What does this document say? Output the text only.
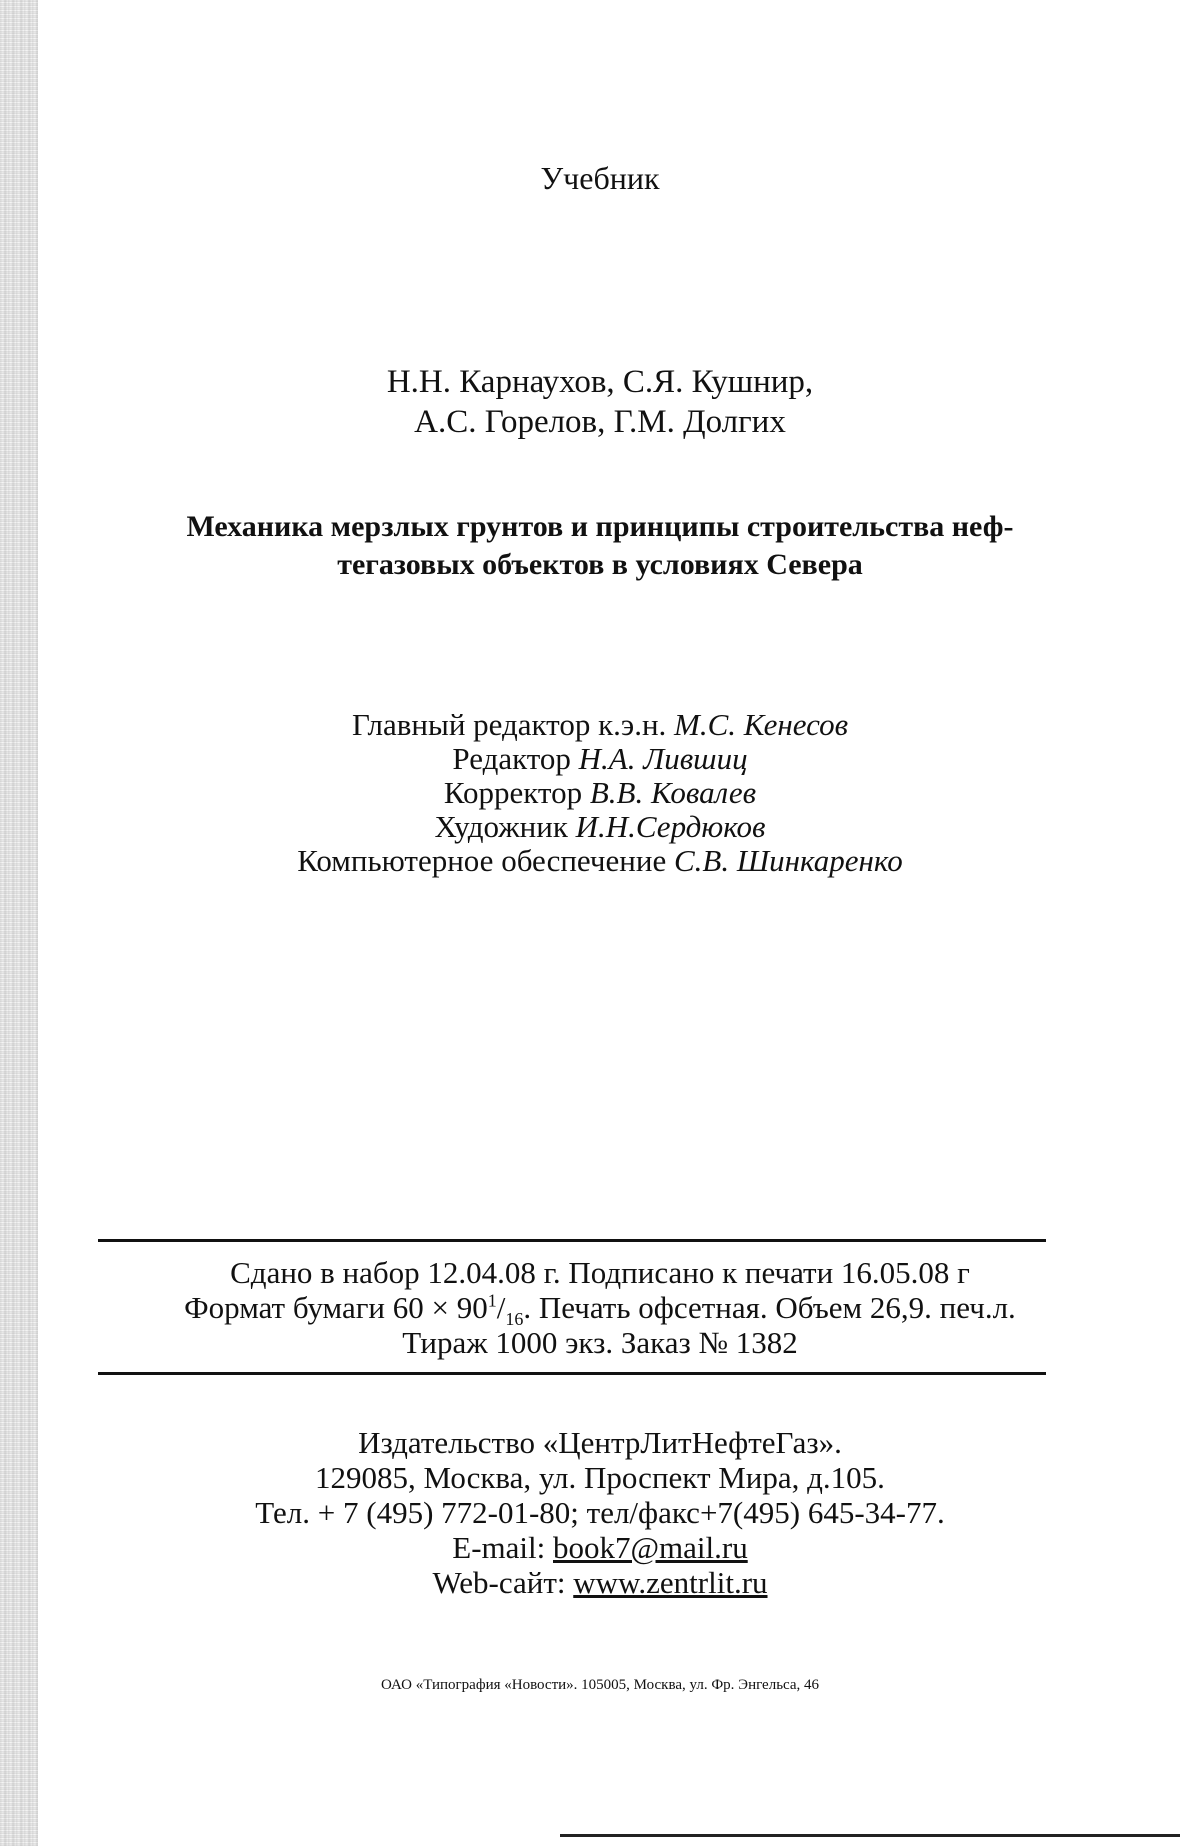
Учебник
Н.Н. Карнаухов, С.Я. Кушнир,
А.С. Горелов, Г.М. Долгих
Механика мерзлых грунтов и принципы строительства неф-
тегазовых объектов в условиях Севера
Главный редактор к.э.н. М.С. Кенесов
Редактор Н.А. Лившиц
Корректор В.В. Ковалев
Художник И.Н.Сердюков
Компьютерное обеспечение С.В. Шинкаренко
Сдано в набор 12.04.08 г. Подписано к печати 16.05.08 г
Формат бумаги $60 \times 90^1/_{16}$. Печать офсетная. Объем 26,9. печ.л.
Тираж 1000 экз. Заказ № 1382
Издательство «ЦентрЛитНефтеГаз».
129085, Москва, ул. Проспект Мира, д.105.
Тел. + 7 (495) 772-01-80; тел/факс+7(495) 645-34-77.
E-mail: book7@mail.ru
Web-сайт: www.zentrlit.ru
ОАО «Типография «Новости». 105005, Москва, ул. Фр. Энгельса, 46
